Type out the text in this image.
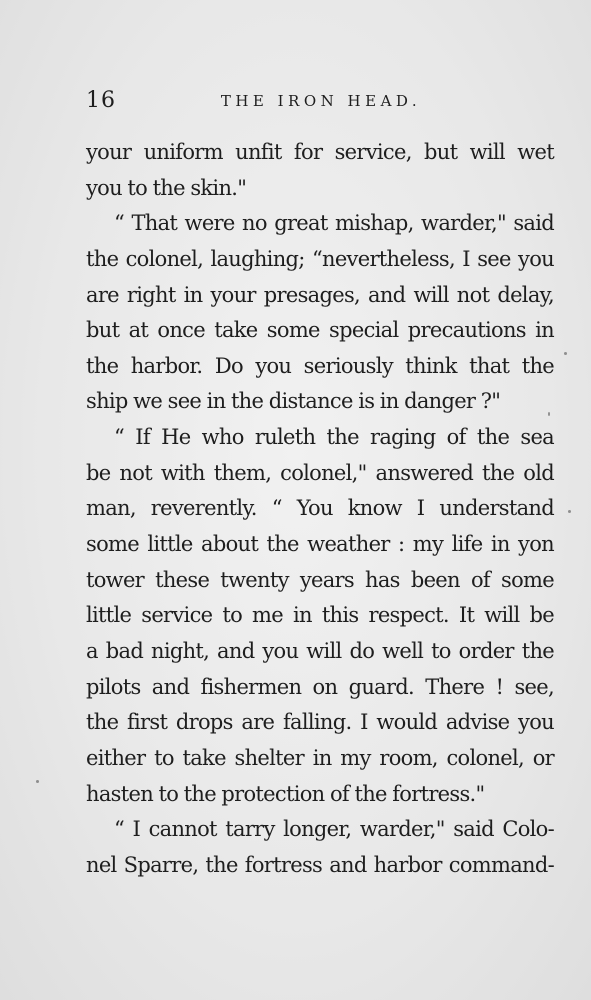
16	THE IRON HEAD.
your uniform unfit for service, but will wet
you to the skin."
“ That were no great mishap, warder," said
the colonel, laughing; “nevertheless, I see you
are right in your presages, and will not delay,
but at once take some special precautions in
the harbor. Do you seriously think that the
ship we see in the distance is in danger ?"
“ If He who ruleth the raging of the sea
be not with them, colonel," answered the old
man, reverently. “ You know I understand
some little about the weather : my life in yon
tower these twenty years has been of some
little service to me in this respect. It will be
a bad night, and you will do well to order the
pilots and fishermen on guard. There ! see,
the first drops are falling. I would advise you
either to take shelter in my room, colonel, or
hasten to the protection of the fortress."
“ I cannot tarry longer, warder," said Colo-
nel Sparre, the fortress and harbor command-
